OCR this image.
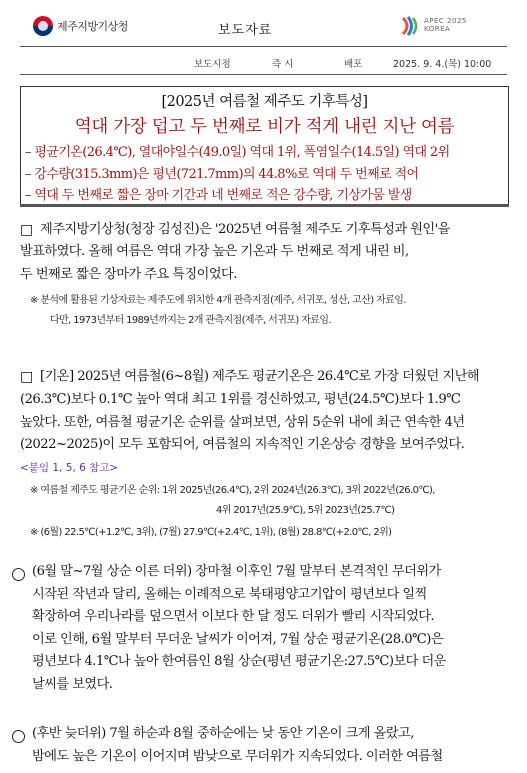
제주지방기상청	보도자료
APEC 2025
KOREA
보도시점	즉 시	배포	2025. 9. 4.(목) 10:00
[2025년 여름철 제주도 기후특성]
역대 가장 덥고 두 번째로 비가 적게 내린 지난 여름
– 평균기온(26.4℃), 열대야일수(49.0일) 역대 1위, 폭염일수(14.5일) 역대 2위
– 강수량(315.3mm)은 평년(721.7mm)의 44.8%로 역대 두 번째로 적어
– 역대 두 번째로 짧은 장마 기간과 네 번째로 적은 강수량, 기상가뭄 발생
□ 제주지방기상청(청장 김성진)은 '2025년 여름철 제주도 기후특성과 원인'을
발표하였다. 올해 여름은 역대 가장 높은 기온과 두 번째로 적게 내린 비,
두 번째로 짧은 장마가 주요 특징이었다.
※ 분석에 활용된 기상자료는 제주도에 위치한 4개 관측지점(제주, 서귀포, 성산, 고산) 자료임.
다만, 1973년부터 1989년까지는 2개 관측지점(제주, 서귀포) 자료임.
□ [기온] 2025년 여름철(6~8월) 제주도 평균기온은 26.4℃로 가장 더웠던 지난해
(26.3℃)보다 0.1℃ 높아 역대 최고 1위를 경신하였고, 평년(24.5℃)보다 1.9℃
높았다. 또한, 여름철 평균기온 순위를 살펴보면, 상위 5순위 내에 최근 연속한 4년
(2022~2025)이 모두 포함되어, 여름철의 지속적인 기온상승 경향을 보여주었다.
<붙임 1, 5, 6 참고>
※ 여름철 제주도 평균기온 순위: 1위 2025년(26.4℃), 2위 2024년(26.3℃), 3위 2022년(26.0℃),
4위 2017년(25.9℃), 5위 2023년(25.7℃)
※ (6월) 22.5℃(+1.2℃, 3위), (7월) 27.9℃(+2.4℃, 1위), (8월) 28.8℃(+2.0℃, 2위)
(6월 말~7월 상순 이른 더위) 장마철 이후인 7월 말부터 본격적인 무더위가
시작된 작년과 달리, 올해는 이례적으로 북태평양고기압이 평년보다 일찍
확장하여 우리나라를 덮으면서 이보다 한 달 정도 더위가 빨리 시작되었다.
이로 인해, 6월 말부터 무더운 날씨가 이어져, 7월 상순 평균기온(28.0℃)은
평년보다 4.1℃나 높아 한여름인 8월 상순(평년 평균기온:27.5℃)보다 더운
날씨를 보였다.
(후반 늦더위) 7월 하순과 8월 중하순에는 낮 동안 기온이 크게 올랐고,
밤에도 높은 기온이 이어지며 밤낮으로 무더위가 지속되었다. 이러한 여름철
